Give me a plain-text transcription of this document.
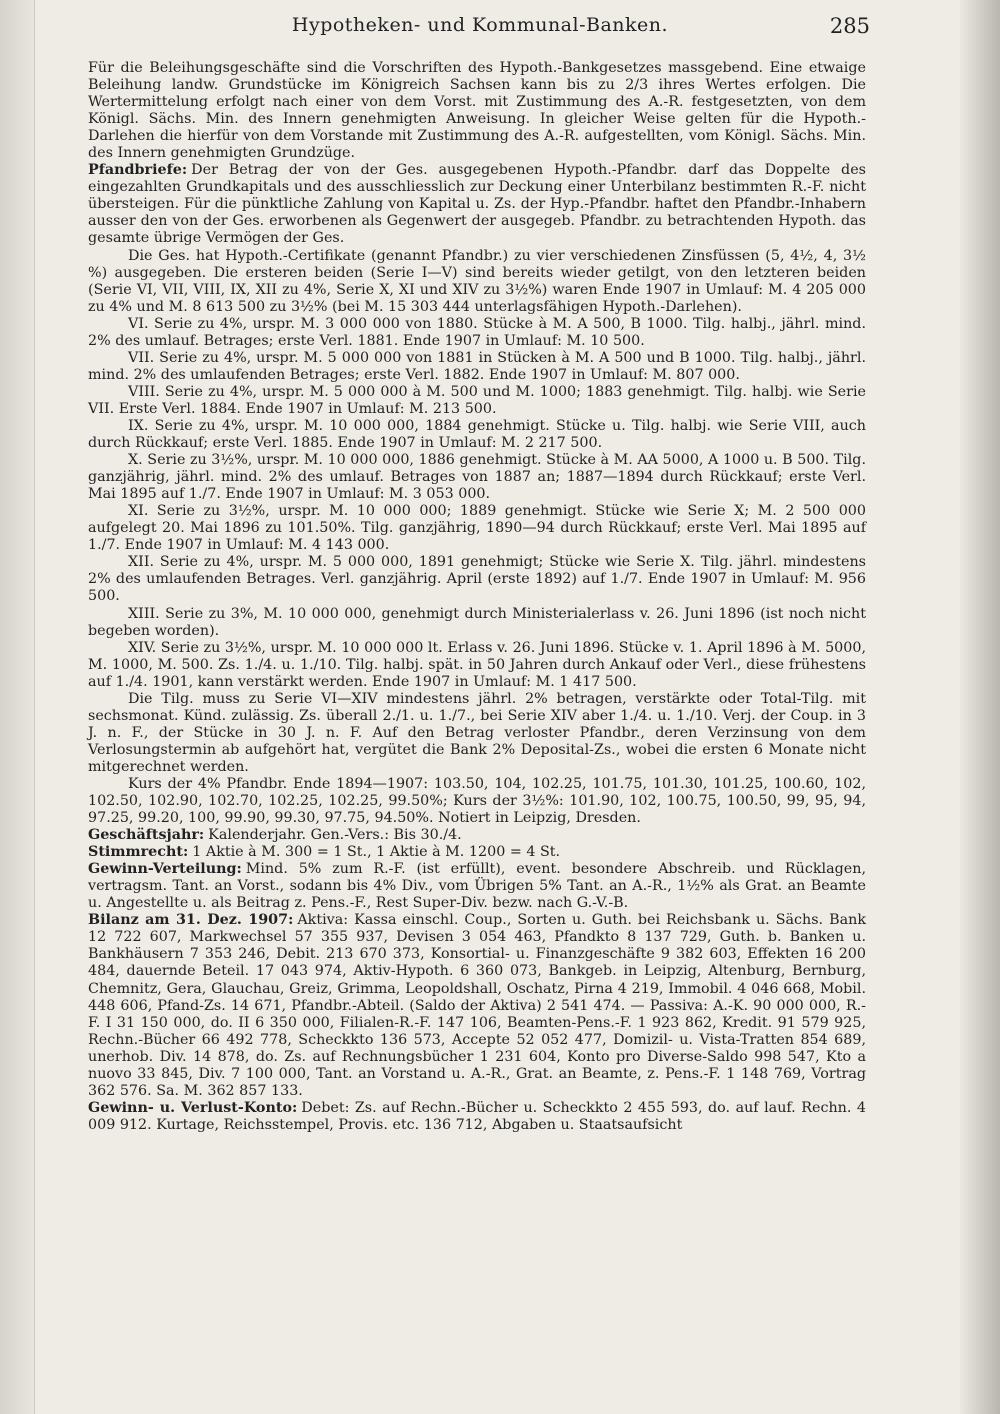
Hypotheken- und Kommunal-Banken.	285

Für die Beleihungsgeschäfte sind die Vorschriften des Hypoth.-Bankgesetzes massgebend. Eine etwaige Beleihung landw. Grundstücke im Königreich Sachsen kann bis zu 2/3 ihres Wertes erfolgen. Die Wertermittelung erfolgt nach einer von dem Vorst. mit Zustimmung des A.-R. festgesetzten, von dem Königl. Sächs. Min. des Innern genehmigten Anweisung. In gleicher Weise gelten für die Hypoth.-Darlehen die hierfür von dem Vorstande mit Zustimmung des A.-R. aufgestellten, vom Königl. Sächs. Min. des Innern genehmigten Grundzüge.

Pfandbriefe: Der Betrag der von der Ges. ausgegebenen Hypoth.-Pfandbr. darf das Doppelte des eingezahlten Grundkapitals und des ausschliesslich zur Deckung einer Unterbilanz bestimmten R.-F. nicht übersteigen. Für die pünktliche Zahlung von Kapital u. Zs. der Hyp.-Pfandbr. haftet den Pfandbr.-Inhabern ausser den von der Ges. erworbenen als Gegenwert der ausgegeb. Pfandbr. zu betrachtenden Hypoth. das gesamte übrige Vermögen der Ges.

Die Ges. hat Hypoth.-Certifikate (genannt Pfandbr.) zu vier verschiedenen Zinsfüssen (5, 4½, 4, 3½ %) ausgegeben. Die ersteren beiden (Serie I—V) sind bereits wieder getilgt, von den letzteren beiden (Serie VI, VII, VIII, IX, XII zu 4%, Serie X, XI und XIV zu 3½%) waren Ende 1907 in Umlauf: M. 4 205 000 zu 4% und M. 8 613 500 zu 3½% (bei M. 15 303 444 unterlagsfähigen Hypoth.-Darlehen).

VI. Serie zu 4%, urspr. M. 3 000 000 von 1880. Stücke à M. A 500, B 1000. Tilg. halbj., jährl. mind. 2% des umlauf. Betrages; erste Verl. 1881. Ende 1907 in Umlauf: M. 10 500.

VII. Serie zu 4%, urspr. M. 5 000 000 von 1881 in Stücken à M. A 500 und B 1000. Tilg. halbj., jährl. mind. 2% des umlaufenden Betrages; erste Verl. 1882. Ende 1907 in Umlauf: M. 807 000.

VIII. Serie zu 4%, urspr. M. 5 000 000 à M. 500 und M. 1000; 1883 genehmigt. Tilg. halbj. wie Serie VII. Erste Verl. 1884. Ende 1907 in Umlauf: M. 213 500.

IX. Serie zu 4%, urspr. M. 10 000 000, 1884 genehmigt. Stücke u. Tilg. halbj. wie Serie VIII, auch durch Rückkauf; erste Verl. 1885. Ende 1907 in Umlauf: M. 2 217 500.

X. Serie zu 3½%, urspr. M. 10 000 000, 1886 genehmigt. Stücke à M. AA 5000, A 1000 u. B 500. Tilg. ganzjährig, jährl. mind. 2% des umlauf. Betrages von 1887 an; 1887—1894 durch Rückkauf; erste Verl. Mai 1895 auf 1./7. Ende 1907 in Umlauf: M. 3 053 000.

XI. Serie zu 3½%, urspr. M. 10 000 000; 1889 genehmigt. Stücke wie Serie X; M. 2 500 000 aufgelegt 20. Mai 1896 zu 101.50%. Tilg. ganzjährig, 1890—94 durch Rückkauf; erste Verl. Mai 1895 auf 1./7. Ende 1907 in Umlauf: M. 4 143 000.

XII. Serie zu 4%, urspr. M. 5 000 000, 1891 genehmigt; Stücke wie Serie X. Tilg. jährl. mindestens 2% des umlaufenden Betrages. Verl. ganzjährig. April (erste 1892) auf 1./7. Ende 1907 in Umlauf: M. 956 500.

XIII. Serie zu 3%, M. 10 000 000, genehmigt durch Ministerialerlass v. 26. Juni 1896 (ist noch nicht begeben worden).

XIV. Serie zu 3½%, urspr. M. 10 000 000 lt. Erlass v. 26. Juni 1896. Stücke v. 1. April 1896 à M. 5000, M. 1000, M. 500. Zs. 1./4. u. 1./10. Tilg. halbj. spät. in 50 Jahren durch Ankauf oder Verl., diese frühestens auf 1./4. 1901, kann verstärkt werden. Ende 1907 in Umlauf: M. 1 417 500.

Die Tilg. muss zu Serie VI—XIV mindestens jährl. 2% betragen, verstärkte oder Total-Tilg. mit sechsmonat. Künd. zulässig. Zs. überall 2./1. u. 1./7., bei Serie XIV aber 1./4. u. 1./10. Verj. der Coup. in 3 J. n. F., der Stücke in 30 J. n. F. Auf den Betrag verloster Pfandbr., deren Verzinsung von dem Verlosungstermin ab aufgehört hat, vergütet die Bank 2% Deposital-Zs., wobei die ersten 6 Monate nicht mitgerechnet werden.

Kurs der 4% Pfandbr. Ende 1894—1907: 103.50, 104, 102.25, 101.75, 101.30, 101.25, 100.60, 102, 102.50, 102.90, 102.70, 102.25, 102.25, 99.50%; Kurs der 3½%: 101.90, 102, 100.75, 100.50, 99, 95, 94, 97.25, 99.20, 100, 99.90, 99.30, 97.75, 94.50%. Notiert in Leipzig, Dresden.

Geschäftsjahr: Kalenderjahr. Gen.-Vers.: Bis 30./4.

Stimmrecht: 1 Aktie à M. 300 = 1 St., 1 Aktie à M. 1200 = 4 St.

Gewinn-Verteilung: Mind. 5% zum R.-F. (ist erfüllt), event. besondere Abschreib. und Rücklagen, vertragsm. Tant. an Vorst., sodann bis 4% Div., vom Übrigen 5% Tant. an A.-R., 1½% als Grat. an Beamte u. Angestellte u. als Beitrag z. Pens.-F., Rest Super-Div. bezw. nach G.-V.-B.

Bilanz am 31. Dez. 1907: Aktiva: Kassa einschl. Coup., Sorten u. Guth. bei Reichsbank u. Sächs. Bank 12 722 607, Markwechsel 57 355 937, Devisen 3 054 463, Pfandkto 8 137 729, Guth. b. Banken u. Bankhäusern 7 353 246, Debit. 213 670 373, Konsortial- u. Finanzgeschäfte 9 382 603, Effekten 16 200 484, dauernde Beteil. 17 043 974, Aktiv-Hypoth. 6 360 073, Bankgeb. in Leipzig, Altenburg, Bernburg, Chemnitz, Gera, Glauchau, Greiz, Grimma, Leopoldshall, Oschatz, Pirna 4 219, Immobil. 4 046 668, Mobil. 448 606, Pfand-Zs. 14 671, Pfandbr.-Abteil. (Saldo der Aktiva) 2 541 474. — Passiva: A.-K. 90 000 000, R.-F. I 31 150 000, do. II 6 350 000, Filialen-R.-F. 147 106, Beamten-Pens.-F. 1 923 862, Kredit. 91 579 925, Rechn.-Bücher 66 492 778, Scheckkto 136 573, Accepte 52 052 477, Domizil- u. Vista-Tratten 854 689, unerhob. Div. 14 878, do. Zs. auf Rechnungsbücher 1 231 604, Konto pro Diverse-Saldo 998 547, Kto a nuovo 33 845, Div. 7 100 000, Tant. an Vorstand u. A.-R., Grat. an Beamte, z. Pens.-F. 1 148 769, Vortrag 362 576. Sa. M. 362 857 133.

Gewinn- u. Verlust-Konto: Debet: Zs. auf Rechn.-Bücher u. Scheckkto 2 455 593, do. auf lauf. Rechn. 4 009 912. Kurtage, Reichsstempel, Provis. etc. 136 712, Abgaben u. Staatsaufsicht
